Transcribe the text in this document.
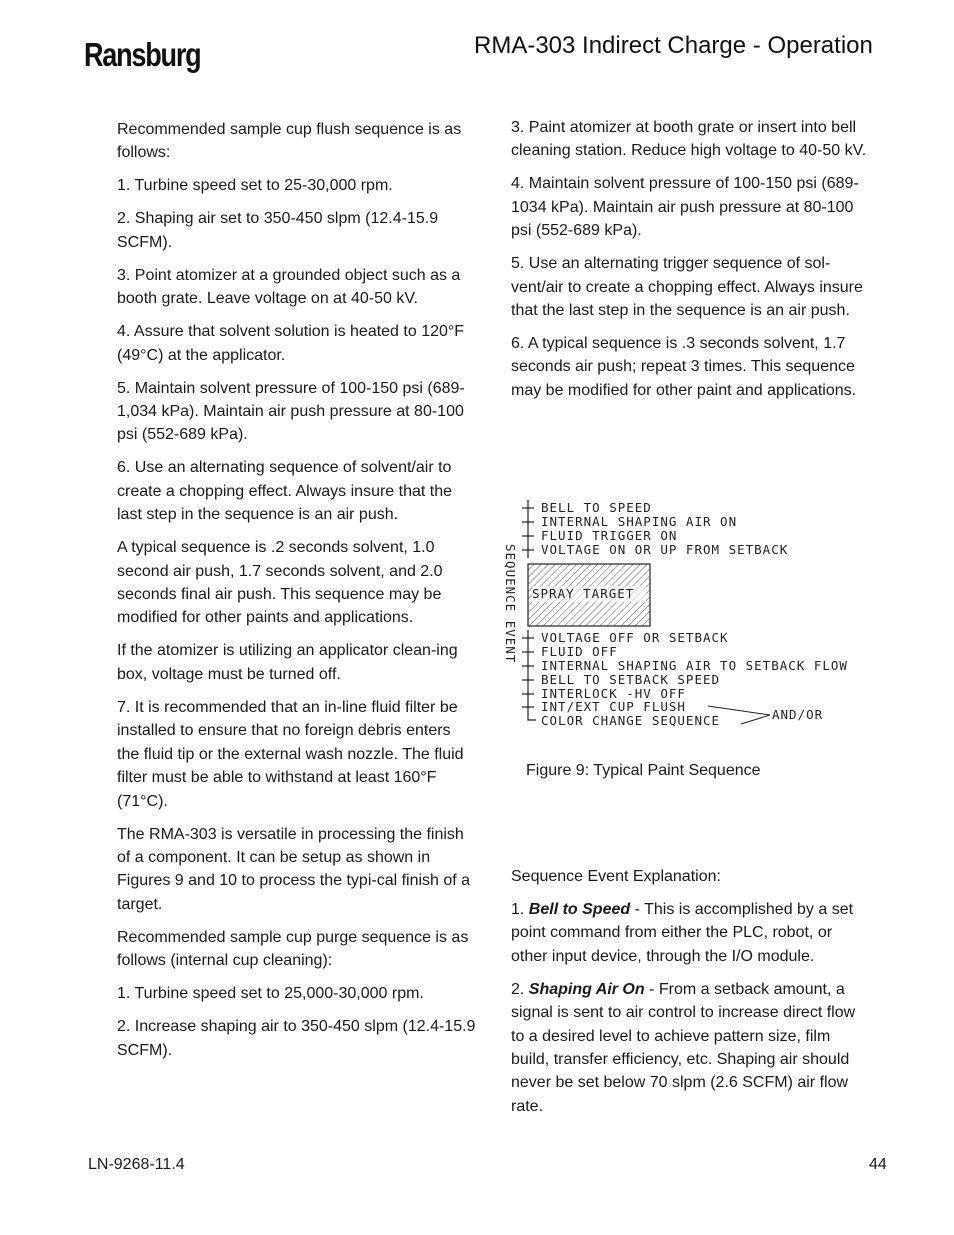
Ransburg	RMA-303 Indirect Charge - Operation

Recommended sample cup flush sequence is as follows:

1. Turbine speed set to 25-30,000 rpm.

2. Shaping air set to 350-450 slpm (12.4-15.9 SCFM).

3. Point atomizer at a grounded object such as a booth grate. Leave voltage on at 40-50 kV.

4. Assure that solvent solution is heated to 120°F (49°C) at the applicator.

5. Maintain solvent pressure of 100-150 psi (689-1,034 kPa). Maintain air push pressure at 80-100 psi (552-689 kPa).

6. Use an alternating sequence of solvent/air to create a chopping effect. Always insure that the last step in the sequence is an air push.

A typical sequence is .2 seconds solvent, 1.0 second air push, 1.7 seconds solvent, and 2.0 seconds final air push. This sequence may be modified for other paints and applications.

If the atomizer is utilizing an applicator clean-ing box, voltage must be turned off.

7. It is recommended that an in-line fluid filter be installed to ensure that no foreign debris enters the fluid tip or the external wash nozzle. The fluid filter must be able to withstand at least 160°F (71°C).

The RMA-303 is versatile in processing the finish of a component. It can be setup as shown in Figures 9 and 10 to process the typi-cal finish of a target.

Recommended sample cup purge sequence is as follows (internal cup cleaning):

1. Turbine speed set to 25,000-30,000 rpm.

2. Increase shaping air to 350-450 slpm (12.4-15.9 SCFM).

3. Paint atomizer at booth grate or insert into bell cleaning station. Reduce high voltage to 40-50 kV.

4. Maintain solvent pressure of 100-150 psi (689-1034 kPa). Maintain air push pressure at 80-100 psi (552-689 kPa).

5. Use an alternating trigger sequence of sol-vent/air to create a chopping effect. Always insure that the last step in the sequence is an air push.

6. A typical sequence is .3 seconds solvent, 1.7 seconds air push; repeat 3 times. This sequence may be modified for other paint and applications.

SEQUENCE EVENT
BELL TO SPEED
INTERNAL SHAPING AIR ON
FLUID TRIGGER ON
VOLTAGE ON OR UP FROM SETBACK
SPRAY TARGET
VOLTAGE OFF OR SETBACK
FLUID OFF
INTERNAL SHAPING AIR TO SETBACK FLOW
BELL TO SETBACK SPEED
INTERLOCK -HV OFF
INT/EXT CUP FLUSH
COLOR CHANGE SEQUENCE	AND/OR
Figure 9: Typical Paint Sequence

Sequence Event Explanation:

1. Bell to Speed - This is accomplished by a set point command from either the PLC, robot, or other input device, through the I/O module.

2. Shaping Air On - From a setback amount, a signal is sent to air control to increase direct flow to a desired level to achieve pattern size, film build, transfer efficiency, etc. Shaping air should never be set below 70 slpm (2.6 SCFM) air flow rate.

LN-9268-11.4	44
